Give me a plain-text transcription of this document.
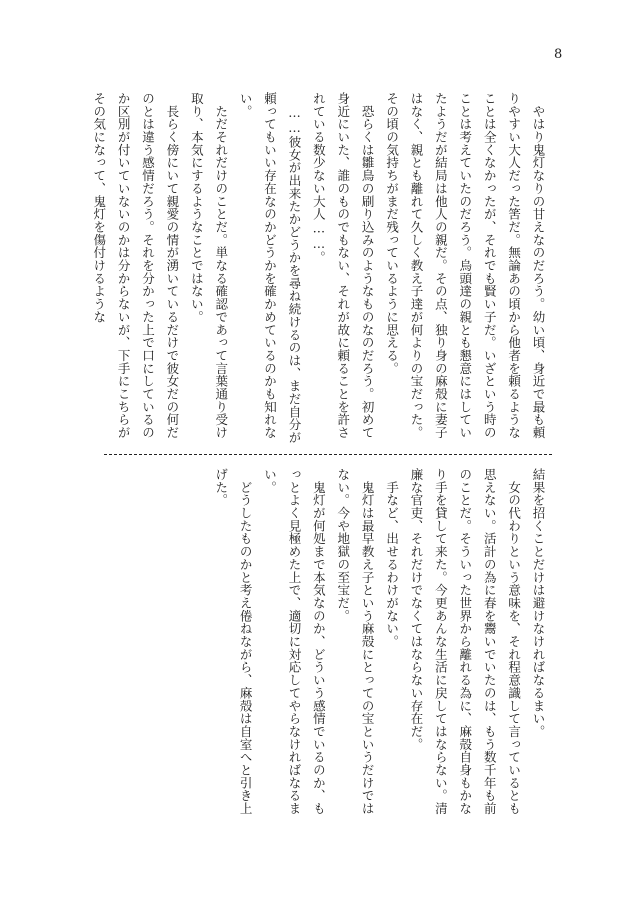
8

　やはり鬼灯なりの甘えなのだろう。幼い頃、身近で最も頼りやすい大人だった筈だ。無論あの頃から他者を頼るようなことは全くなかったが、それでも賢い子だ。いざという時のことは考えていたのだろう。烏頭達の親とも懇意にはしていたようだが結局は他人の親だ。その点、独り身の麻殻に妻子はなく、親とも離れて久しく教え子達が何よりの宝だった。その頃の気持ちがまだ残っているように思える。

　恐らくは雛鳥の刷り込みのようなものなのだろう。初めて身近にいた、誰のものでもない、それが故に頼ることを許されている数少ない大人……。

　……彼女が出来たかどうかを尋ね続けるのは、まだ自分が頼ってもいい存在なのかどうかを確かめているのかも知れない。

　ただそれだけのことだ。単なる確認であって言葉通り受け取り、本気にするようなことではない。

　長らく傍にいて親愛の情が湧いているだけで彼女だの何だのとは違う感情だろう。それを分かった上で口にしているのか区別が付いていないのかは分からないが、下手にこちらがその気になって、鬼灯を傷付けるような

結果を招くことだけは避けなければなるまい。

　女の代わりという意味を、それ程意識して言っているとも思えない。活計の為に春を鬻いでいたのは、もう数千年も前のことだ。そういった世界から離れる為に、麻殻自身もかなり手を貸して来た。今更あんな生活に戻してはならない。清廉な官吏、それだけでなくてはならない存在だ。

　手など、出せるわけがない。

　鬼灯は最早教え子という麻殻にとっての宝というだけではない。今や地獄の至宝だ。

　鬼灯が何処まで本気なのか、どういう感情でいるのか、もっとよく見極めた上で、適切に対応してやらなければなるまい。

　どうしたものかと考え倦ねながら、麻殻は自室へと引き上げた。
